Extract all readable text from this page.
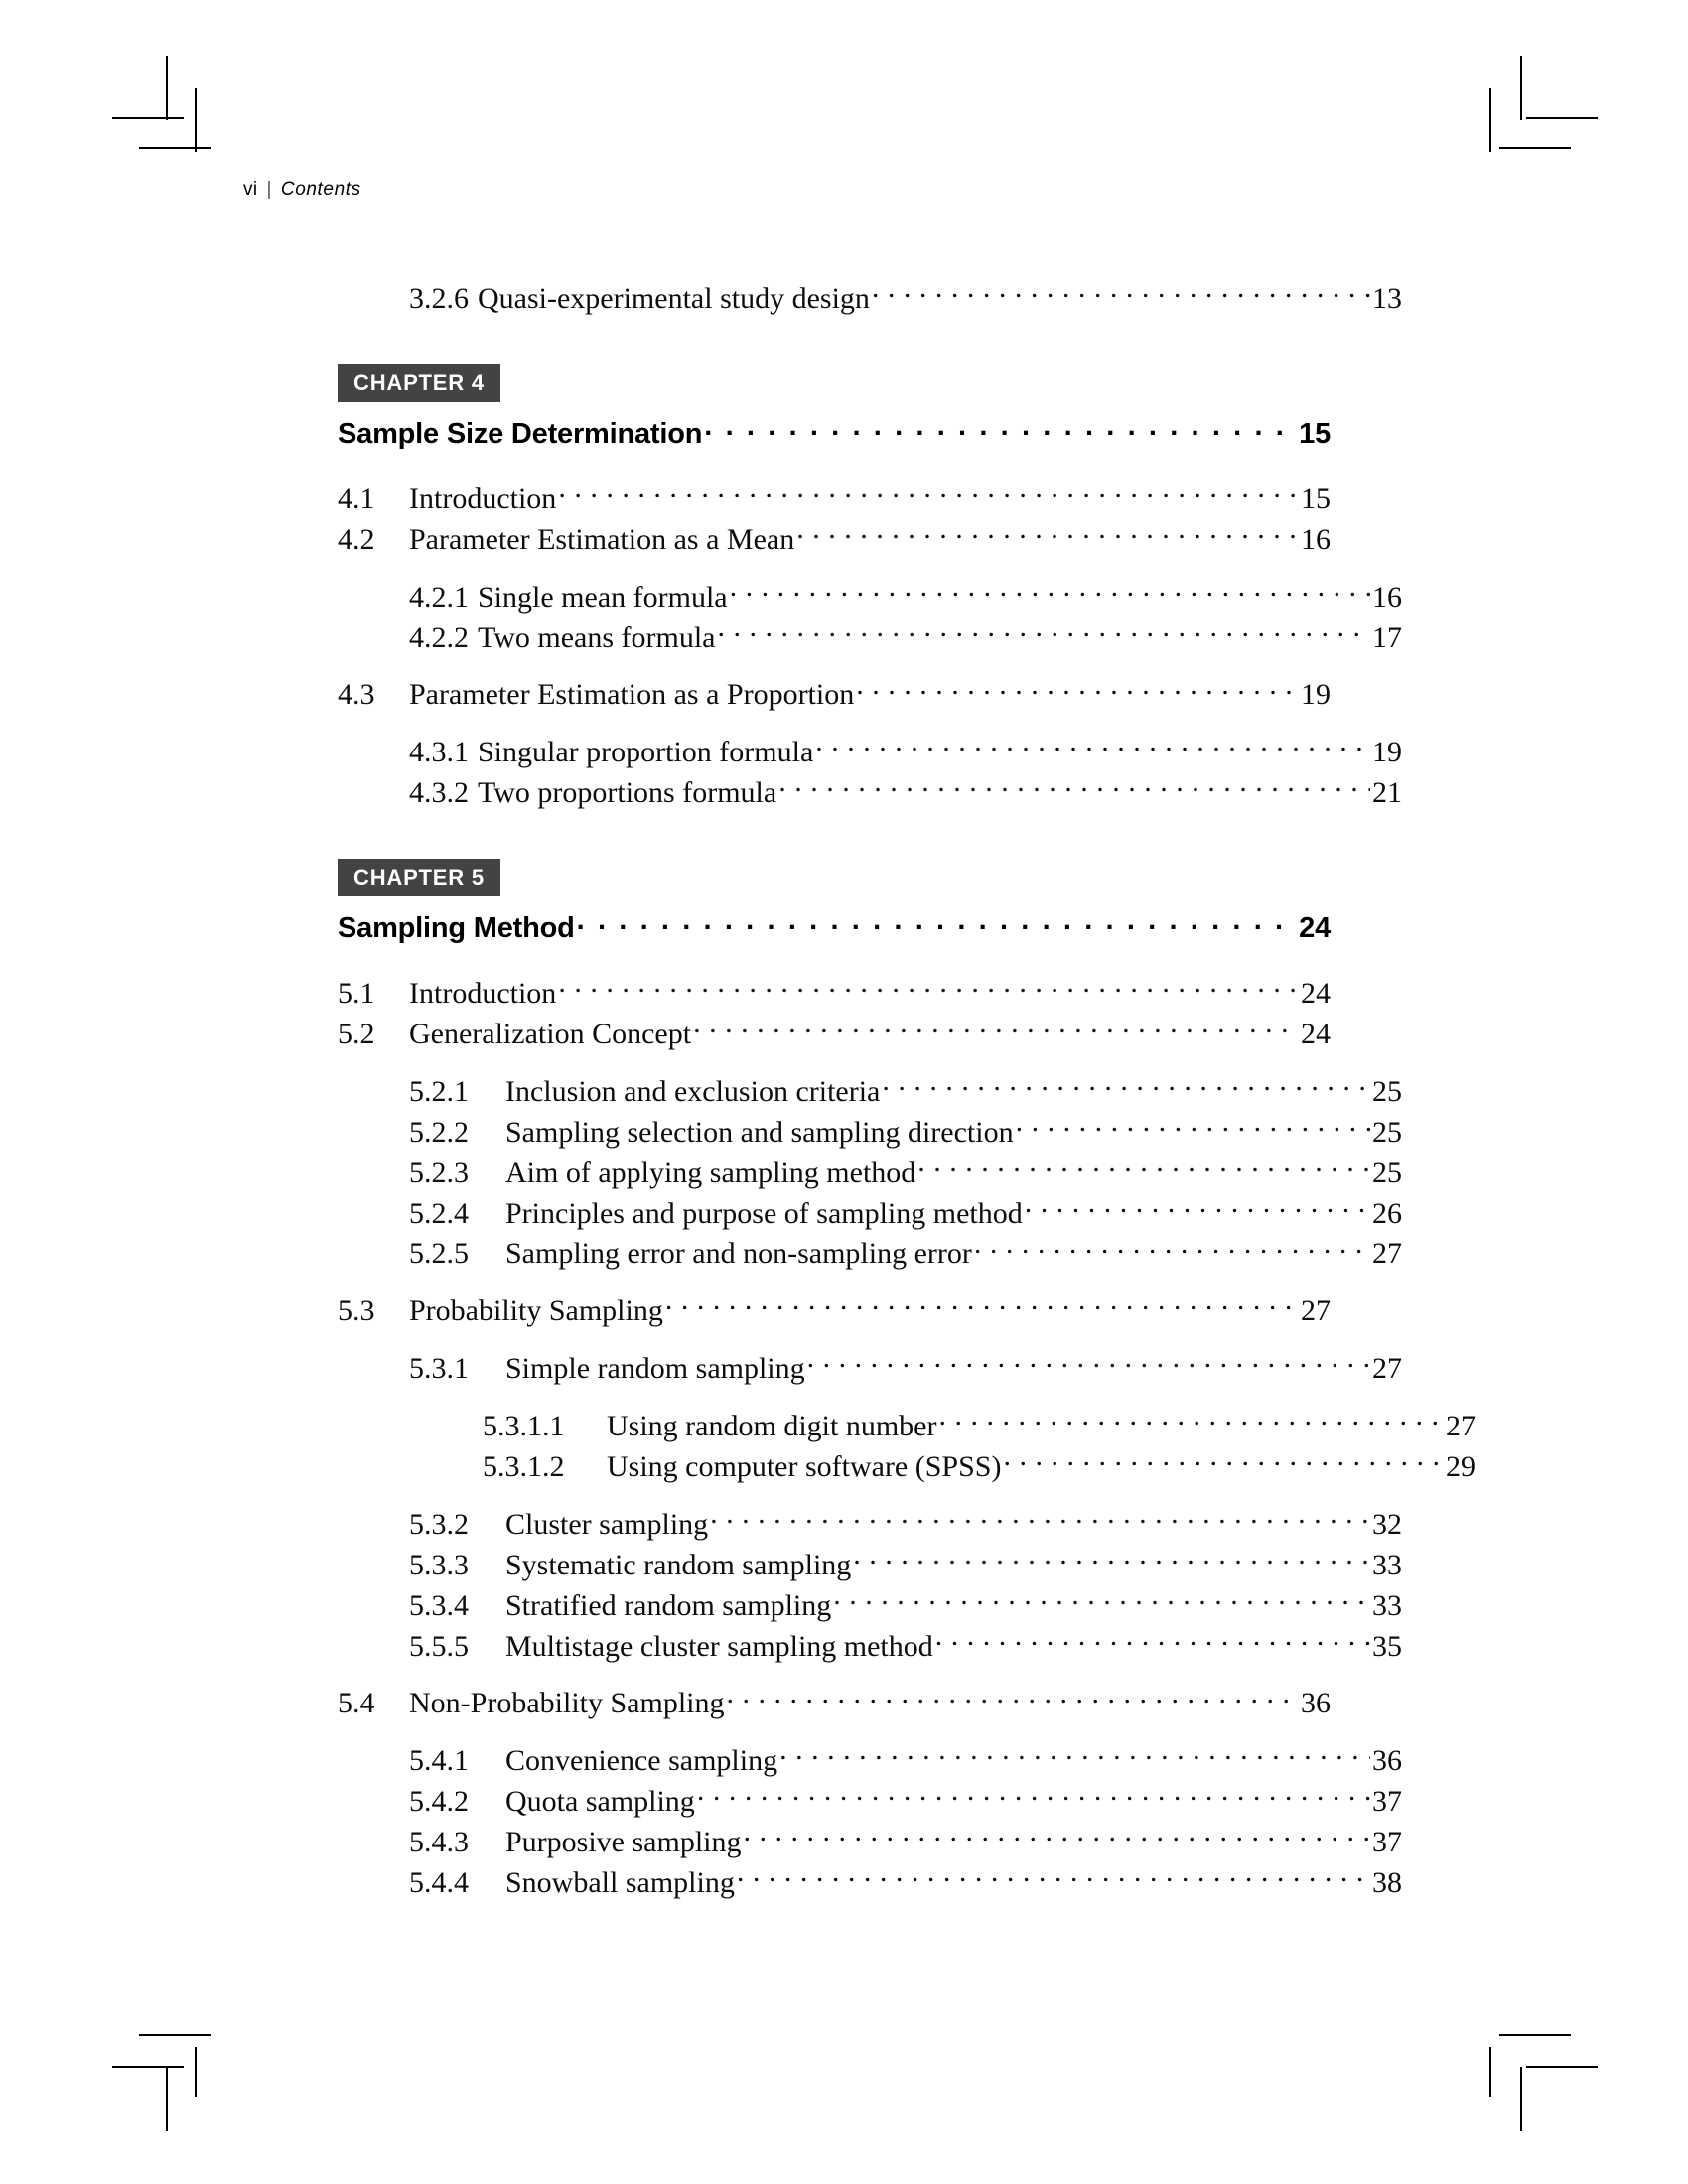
vi | Contents
3.2.6 Quasi-experimental study design . . .	13
CHAPTER 4
Sample Size Determination . . .	15
4.1	Introduction . . .	15
4.2	Parameter Estimation as a Mean . . .	16
4.2.1 Single mean formula . . .	16
4.2.2 Two means formula . . .	17
4.3	Parameter Estimation as a Proportion . . .	19
4.3.1 Singular proportion formula . . .	19
4.3.2 Two proportions formula . . .	21
CHAPTER 5
Sampling Method . . .	24
5.1	Introduction . . .	24
5.2	Generalization Concept . . .	24
5.2.1	Inclusion and exclusion criteria . . .	25
5.2.2	Sampling selection and sampling direction . . .	25
5.2.3	Aim of applying sampling method . . .	25
5.2.4	Principles and purpose of sampling method . . .	26
5.2.5	Sampling error and non-sampling error . . .	27
5.3	Probability Sampling . . .	27
5.3.1	Simple random sampling . . .	27
5.3.1.1	Using random digit number . . .	27
5.3.1.2	Using computer software (SPSS) . . .	29
5.3.2	Cluster sampling . . .	32
5.3.3	Systematic random sampling . . .	33
5.3.4	Stratified random sampling . . .	33
5.5.5	Multistage cluster sampling method . . .	35
5.4	Non-Probability Sampling . . .	36
5.4.1	Convenience sampling . . .	36
5.4.2	Quota sampling . . .	37
5.4.3	Purposive sampling . . .	37
5.4.4	Snowball sampling . . .	38
